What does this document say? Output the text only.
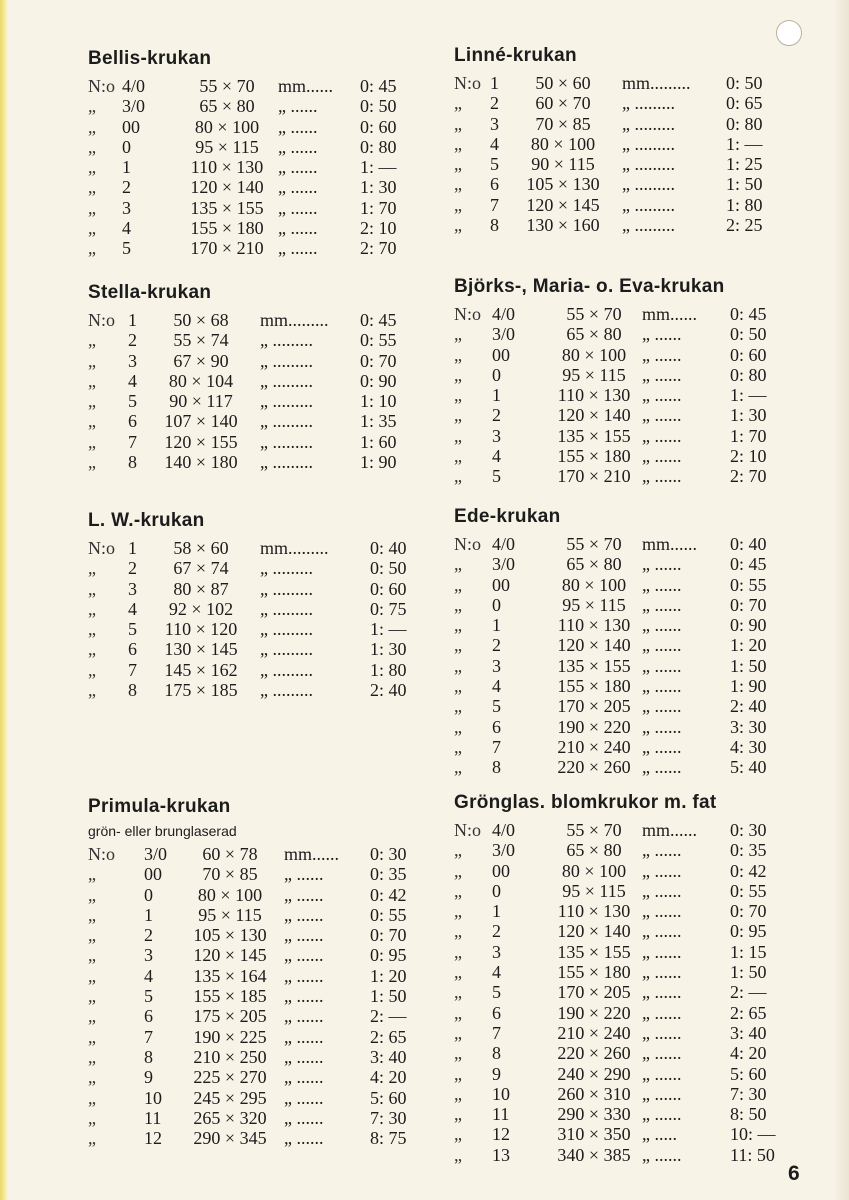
Bellis-krukan
N:o 4/0	55 × 70	mm...... 0: 45
„ 3/0	65 × 80	„ ...... 0: 50
„ 00	80 × 100	„ ...... 0: 60
„ 0	95 × 115	„ ...... 0: 80
„ 1	110 × 130 „ ...... 1: —
„ 2	120 × 140 „ ...... 1: 30
„ 3	135 × 155 „ ...... 1: 70
„ 4	155 × 180 „ ...... 2: 10
„ 5	170 × 210 „ ...... 2: 70
Stella-krukan
N:o 1	50 × 68	mm......... 0: 45
„ 2	55 × 74	„ .........	0: 55
„ 3	67 × 90	„ .........	0: 70
„ 4	80 × 104	„ .........	0: 90
„ 5	90 × 117	„ .........	1: 10
„ 6	107 × 140	„ .........	1: 35
„ 7	120 × 155	„ .........	1: 60
„ 8	140 × 180	„ .........	1: 90
L. W.-krukan
N:o 1	58 × 60	mm......... 0: 40
„ 2	67 × 74	„ .........	0: 50
„ 3	80 × 87	„ .........	0: 60
„ 4	92 × 102	„ .........	0: 75
„ 5	110 × 120	„ .........	1: —
„ 6	130 × 145	„ .........	1: 30
„ 7	145 × 162	„ .........	1: 80
„ 8	175 × 185	„ .........	2: 40
Primula-krukan
grön- eller brunglaserad
N:o 3/0	60 × 78	mm...... 0: 30
„	00	70 × 85	„ ......	0: 35
„	0	80 × 100	„ ......	0: 42
„	1	95 × 115	„ ......	0: 55
„	2	105 × 130 „ ......	0: 70
„	3	120 × 145 „ ......	0: 95
„	4	135 × 164 „ ......	1: 20
„	5	155 × 185 „ ......	1: 50
„	6	175 × 205 „ ......	2: —
„	7	190 × 225 „ ......	2: 65
„	8	210 × 250 „ ......	3: 40
„	9	225 × 270 „ ......	4: 20
„	10	245 × 295 „ ......	5: 60
„	11	265 × 320 „ ......	7: 30
„	12	290 × 345 „ ......	8: 75
Linné-krukan
N:o 1	50 × 60	mm......... 0: 50
„ 2	60 × 70	„ .........	0: 65
„ 3	70 × 85	„ .........	0: 80
„ 4	80 × 100	„ .........	1: —
„ 5	90 × 115	„ .........	1: 25
„ 6	105 × 130	„ .........	1: 50
„ 7	120 × 145	„ .........	1: 80
„ 8	130 × 160	„ .........	2: 25
Björks-, Maria- o. Eva-krukan
N:o 4/0	55 × 70	mm...... 0: 45
„ 3/0	65 × 80	„ ......	0: 50
„ 00	80 × 100 „ ......	0: 60
„ 0	95 × 115 „ ......	0: 80
„ 1	110 × 130 „ ......	1: —
„ 2	120 × 140 „ ......	1: 30
„ 3	135 × 155 „ ......	1: 70
„ 4	155 × 180 „ ......	2: 10
„ 5	170 × 210 „ ......	2: 70
Ede-krukan
N:o 4/0	55 × 70	mm...... 0: 40
„ 3/0	65 × 80	„ ......	0: 45
„ 00	80 × 100 „ ......	0: 55
„ 0	95 × 115 „ ......	0: 70
„ 1	110 × 130 „ ......	0: 90
„ 2	120 × 140 „ ......	1: 20
„ 3	135 × 155 „ ......	1: 50
„ 4	155 × 180 „ ......	1: 90
„ 5	170 × 205 „ ......	2: 40
„ 6	190 × 220 „ ......	3: 30
„ 7	210 × 240 „ ......	4: 30
„ 8	220 × 260 „ ......	5: 40
Grönglas. blomkrukor m. fat
N:o 4/0	55 × 70	mm...... 0: 30
„ 3/0	65 × 80	„ ......	0: 35
„ 00	80 × 100 „ ......	0: 42
„ 0	95 × 115 „ ......	0: 55
„ 1	110 × 130 „ ......	0: 70
„ 2	120 × 140 „ ......	0: 95
„ 3	135 × 155 „ ......	1: 15
„ 4	155 × 180 „ ......	1: 50
„ 5	170 × 205 „ ......	2: —
„ 6	190 × 220 „ ......	2: 65
„ 7	210 × 240 „ ......	3: 40
„ 8	220 × 260 „ ......	4: 20
„ 9	240 × 290 „ ......	5: 60
„ 10	260 × 310 „ ......	7: 30
„ 11	290 × 330 „ ......	8: 50
„ 12	310 × 350 „ .....	10: —
„ 13	340 × 385 „ ......	11: 50
6
